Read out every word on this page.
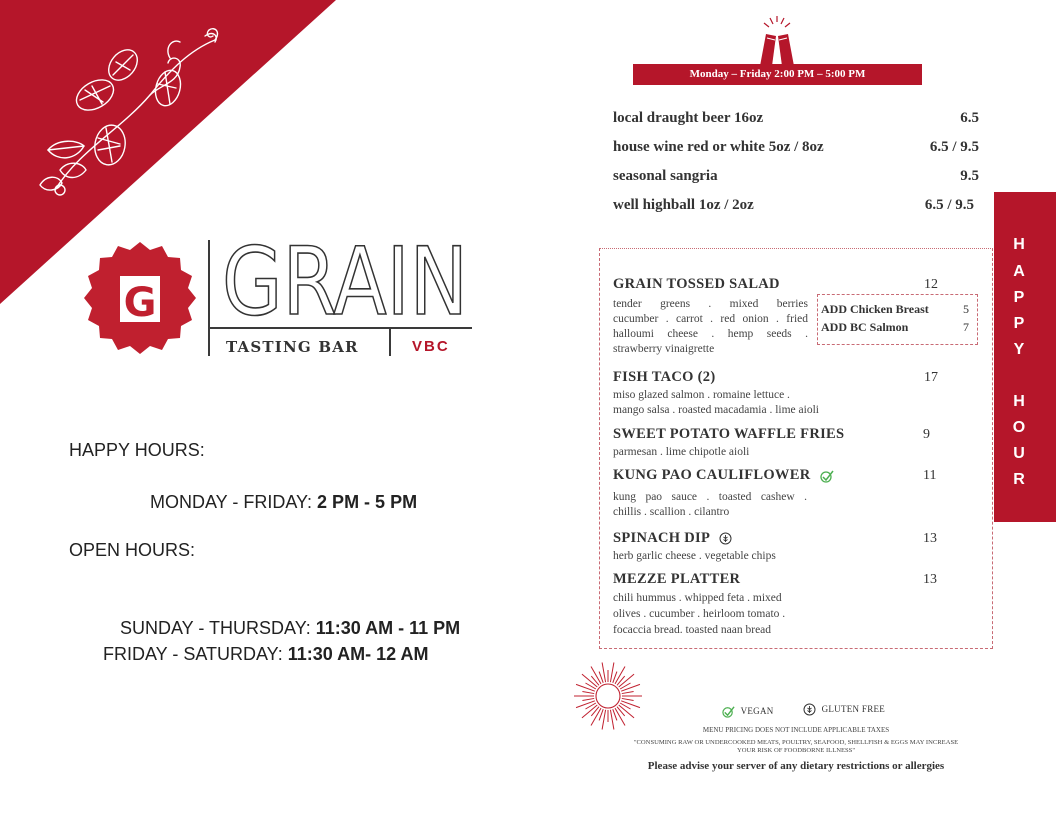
G GRAIN
TASTING BAR	VBC
HAPPY HOURS:
MONDAY - FRIDAY: 2 PM - 5 PM
OPEN HOURS:
SUNDAY - THURSDAY: 11:30 AM - 11 PM
FRIDAY - SATURDAY: 11:30 AM- 12 AM
Monday – Friday 2:00 PM – 5:00 PM
local draught beer 16oz	6.5
house wine red or white 5oz / 8oz	6.5 / 9.5
seasonal sangria	9.5
well highball 1oz / 2oz	6.5 / 9.5
H
A
P
P
Y
H
O
U
R
GRAIN TOSSED SALAD	12
tender greens . mixed berries
cucumber . carrot . red onion . fried
halloumi cheese . hemp seeds .
strawberry vinaigrette
ADD Chicken Breast	5
ADD BC Salmon	7
FISH TACO (2)	17
miso glazed salmon . romaine lettuce .
mango salsa . roasted macadamia . lime aioli
SWEET POTATO WAFFLE FRIES	9
parmesan . lime chipotle aioli
KUNG PAO CAULIFLOWER	11
kung pao sauce . toasted cashew .
chillis . scallion . cilantro
SPINACH DIP	13
herb garlic cheese . vegetable chips
MEZZE PLATTER	13
chili hummus . whipped feta . mixed
olives . cucumber . heirloom tomato .
focaccia bread. toasted naan bread
VEGAN	GLUTEN FREE
MENU PRICING DOES NOT INCLUDE APPLICABLE TAXES
"CONSUMING RAW OR UNDERCOOKED MEATS, POULTRY, SEAFOOD, SHELLFISH & EGGS MAY INCREASE
YOUR RISK OF FOODBORNE ILLNESS"
Please advise your server of any dietary restrictions or allergies
